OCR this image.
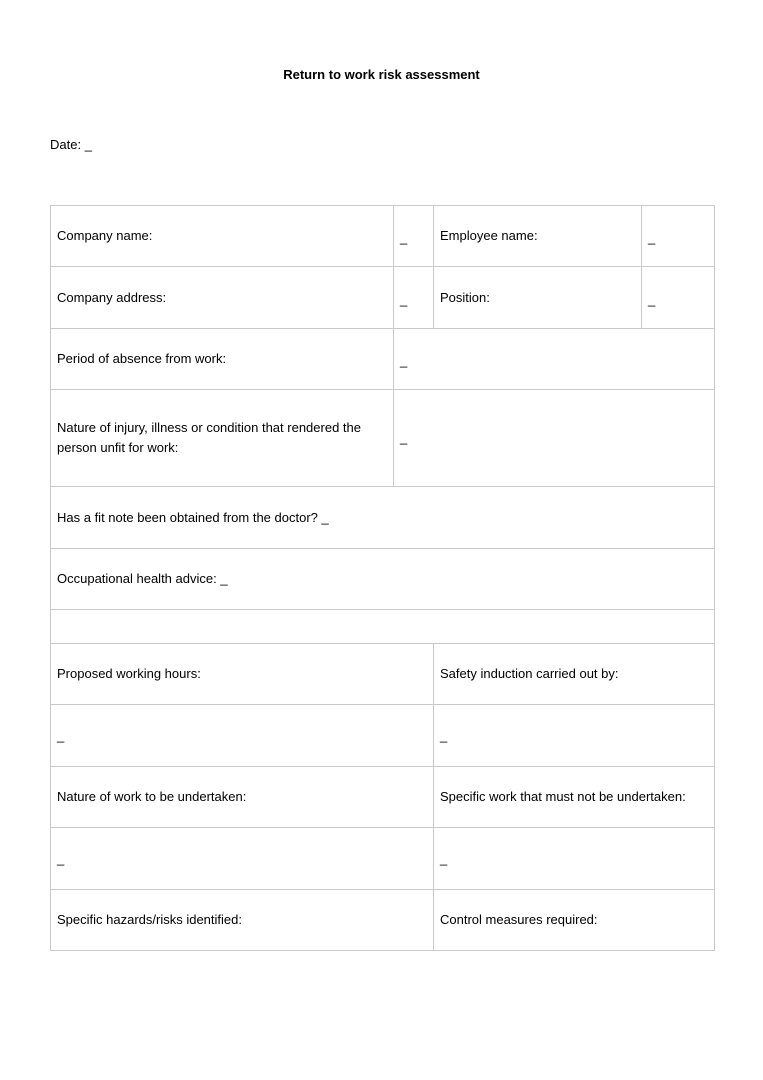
Return to work risk assessment
Date: _
Company name:	_	Employee name:	_
Company address:	_	Position:	_
Period of absence from work:	_		
Nature of injury, illness or condition that rendered the person unfit for work:	_		
Has a fit note been obtained from the doctor? _			
Occupational health advice: _			

Proposed working hours:		Safety induction carried out by:	
_		_	
Nature of work to be undertaken:		Specific work that must not be undertaken:	
_		_	
Specific hazards/risks identified:		Control measures required:	
